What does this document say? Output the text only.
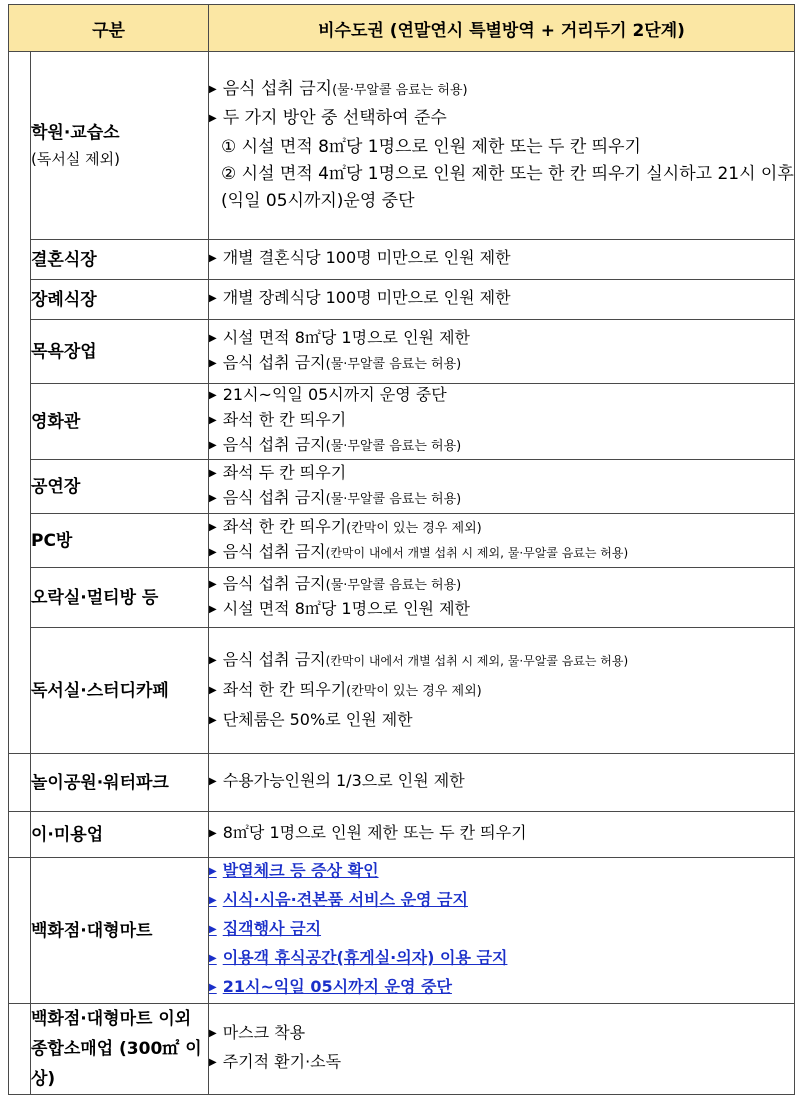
구분		비수도권 (연말연시 특별방역 + 거리두기 2단계)
	학원·교습소
(독서실 제외)	▶ 음식 섭취 금지(물·무알콜 음료는 허용)
▶ 두 가지 방안 중 선택하여 준수
① 시설 면적 8㎡당 1명으로 인원 제한 또는 두 칸 띄우기
② 시설 면적 4㎡당 1명으로 인원 제한 또는 한 칸 띄우기 실시하고 21시 이후 (익일 05시까지)운영 중단

	결혼식장	▶ 개별 결혼식당 100명 미만으로 인원 제한

	장례식장	▶ 개별 장례식당 100명 미만으로 인원 제한

	목욕장업	▶ 시설 면적 8㎡당 1명으로 인원 제한
▶ 음식 섭취 금지(물·무알콜 음료는 허용)

	영화관	▶ 21시~익일 05시까지 운영 중단
▶ 좌석 한 칸 띄우기
▶ 음식 섭취 금지(물·무알콜 음료는 허용)

	공연장	▶ 좌석 두 칸 띄우기
▶ 음식 섭취 금지(물·무알콜 음료는 허용)

	PC방	▶ 좌석 한 칸 띄우기(칸막이 있는 경우 제외)
▶ 음식 섭취 금지(칸막이 내에서 개별 섭취 시 제외, 물·무알콜 음료는 허용)

	오락실·멀티방 등	▶ 음식 섭취 금지(물·무알콜 음료는 허용)
▶ 시설 면적 8㎡당 1명으로 인원 제한

	독서실·스터디카페	▶ 음식 섭취 금지(칸막이 내에서 개별 섭취 시 제외, 물·무알콜 음료는 허용)
▶ 좌석 한 칸 띄우기(칸막이 있는 경우 제외)
▶ 단체룸은 50%로 인원 제한

	놀이공원·워터파크	▶ 수용가능인원의 1/3으로 인원 제한

	이·미용업	▶ 8㎡당 1명으로 인원 제한 또는 두 칸 띄우기

	백화점·대형마트	▶ 발열체크 등 증상 확인
▶ 시식·시음·견본품 서비스 운영 금지
▶ 집객행사 금지
▶ 이용객 휴식공간(휴게실·의자) 이용 금지
▶ 21시~익일 05시까지 운영 중단

	백화점·대형마트 이외 종합소매업 (300㎡ 이상)	▶ 마스크 착용
▶ 주기적 환기·소독
